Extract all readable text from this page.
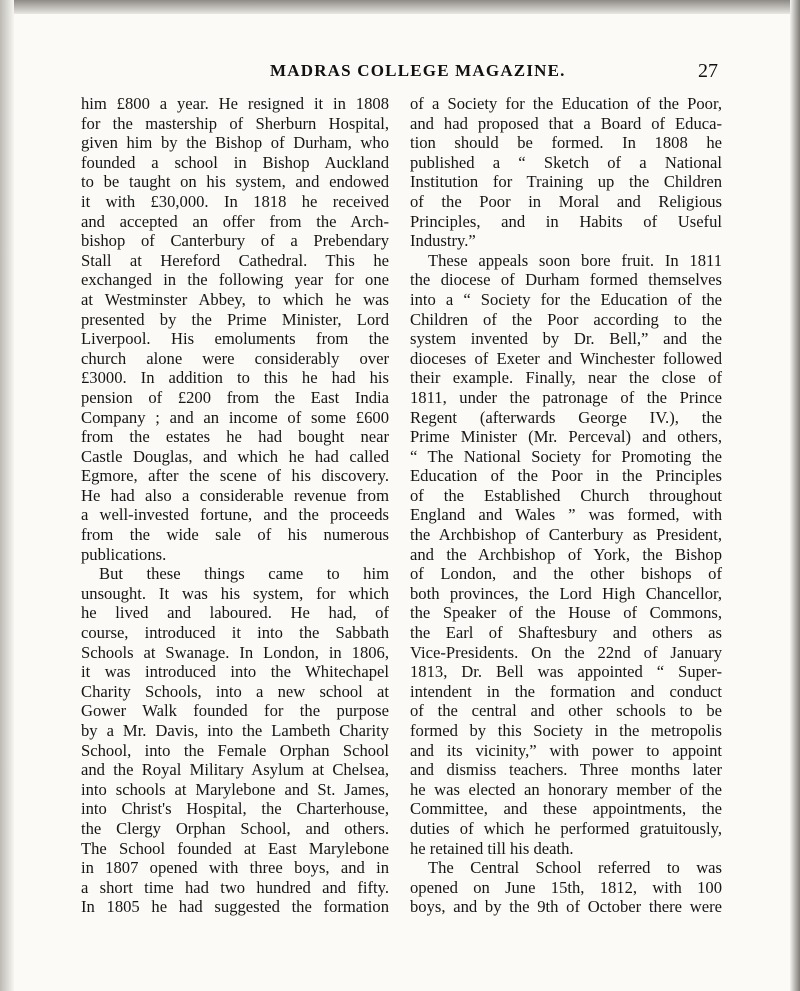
MADRAS COLLEGE MAGAZINE.	27
him £800 a year. He resigned it in 1808
for the mastership of Sherburn Hospital,
given him by the Bishop of Durham, who
founded a school in Bishop Auckland
to be taught on his system, and endowed
it with £30,000. In 1818 he received
and accepted an offer from the Arch-
bishop of Canterbury of a Prebendary
Stall at Hereford Cathedral. This he
exchanged in the following year for one
at Westminster Abbey, to which he was
presented by the Prime Minister, Lord
Liverpool. His emoluments from the
church alone were considerably over
£3000. In addition to this he had his
pension of £200 from the East India
Company ; and an income of some £600
from the estates he had bought near
Castle Douglas, and which he had called
Egmore, after the scene of his discovery.
He had also a considerable revenue from
a well-invested fortune, and the proceeds
from the wide sale of his numerous
publications.
But these things came to him
unsought. It was his system, for which
he lived and laboured. He had, of
course, introduced it into the Sabbath
Schools at Swanage. In London, in 1806,
it was introduced into the Whitechapel
Charity Schools, into a new school at
Gower Walk founded for the purpose
by a Mr. Davis, into the Lambeth Charity
School, into the Female Orphan School
and the Royal Military Asylum at Chelsea,
into schools at Marylebone and St. James,
into Christ's Hospital, the Charterhouse,
the Clergy Orphan School, and others.
The School founded at East Marylebone
in 1807 opened with three boys, and in
a short time had two hundred and fifty.
In 1805 he had suggested the formation
of a Society for the Education of the Poor,
and had proposed that a Board of Educa-
tion should be formed. In 1808 he
published a “ Sketch of a National
Institution for Training up the Children
of the Poor in Moral and Religious
Principles, and in Habits of Useful
Industry.”
These appeals soon bore fruit. In 1811
the diocese of Durham formed themselves
into a “ Society for the Education of the
Children of the Poor according to the
system invented by Dr. Bell,” and the
dioceses of Exeter and Winchester followed
their example. Finally, near the close of
1811, under the patronage of the Prince
Regent (afterwards George IV.), the
Prime Minister (Mr. Perceval) and others,
“ The National Society for Promoting the
Education of the Poor in the Principles
of the Established Church throughout
England and Wales ” was formed, with
the Archbishop of Canterbury as President,
and the Archbishop of York, the Bishop
of London, and the other bishops of
both provinces, the Lord High Chancellor,
the Speaker of the House of Commons,
the Earl of Shaftesbury and others as
Vice-Presidents. On the 22nd of January
1813, Dr. Bell was appointed “ Super-
intendent in the formation and conduct
of the central and other schools to be
formed by this Society in the metropolis
and its vicinity,” with power to appoint
and dismiss teachers. Three months later
he was elected an honorary member of the
Committee, and these appointments, the
duties of which he performed gratuitously,
he retained till his death.
The Central School referred to was
opened on June 15th, 1812, with 100
boys, and by the 9th of October there were
